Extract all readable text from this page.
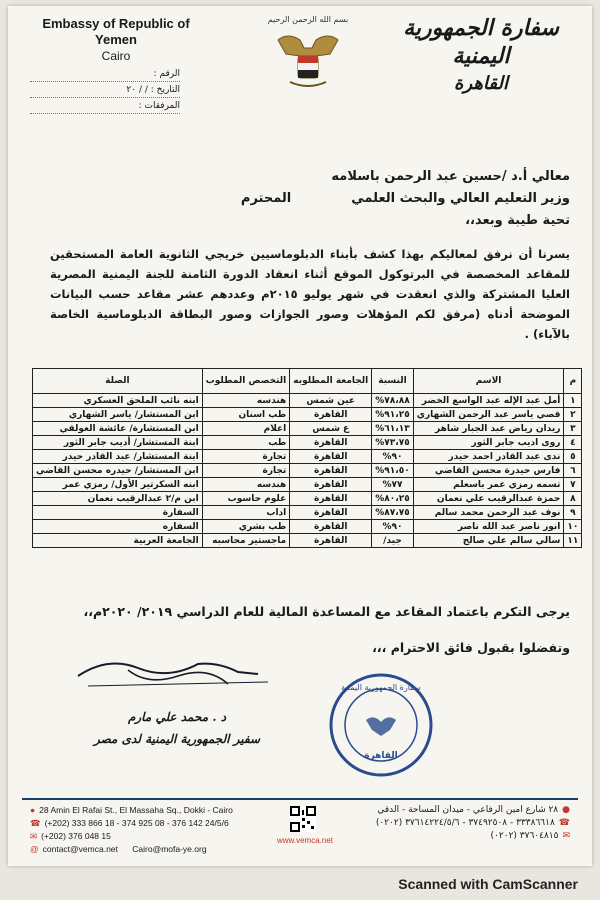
Embassy of Republic of Yemen
Cairo
بسم الله الرحمن الرحيم	سفارة الجمهورية اليمنية
القاهرة
الرقم :
التاريخ : / / ٢٠
المرفقات :
معالي أ.د /حسين عبد الرحمن باسلامه
وزير التعليم العالي والبحث العلمي
المحترم
تحية طيبة وبعد،،
يسرنا أن نرفق لمعاليكم بهذا كشف بأبناء الدبلوماسيين خريجي الثانوية العامة المستحقين للمقاعد المخصصة في البرتوكول الموقع أثناء انعقاد الدورة الثامنة للجنة اليمنية المصرية العليا المشتركة والذي انعقدت في شهر يوليو ٢٠١٥م وعددهم عشر مقاعد حسب البيانات الموضحة أدناه (مرفق لكم المؤهلات وصور الجوازات وصور البطاقة الدبلوماسية الخاصة بالآباء) .
م	الاسم	النسبة	الجامعة المطلوبه	التخصص المطلوب	الصلة
١	أمل عبد الإله عبد الواسع الخضر	٧٨،٨٨%	عين شمس	هندسه	ابنه نائب الملحق العسكري
٢	قصي ياسر عبد الرحمن الشهاري	٩١،٢٥%	القاهرة	طب اسنان	ابن المستشار/ ياسر الشهاري
٣	ريدان رياض عبد الجبار شاهر	٦١،١٣%	ع شمس	اعلام	ابن المستشارة/ عائشة العولقي
٤	روى اديب جابر الثور	٧٣،٧٥%	القاهرة	طب	ابنة المستشار/ أديب جابر الثور
٥	ندى عبد القادر احمد حيدر	٩٠%	القاهرة	تجارة	ابنة المستشار/ عبد القادر حيدر
٦	فارس حيدرة محسن القاضي	٩١،٥٠%	القاهرة	تجارة	ابن المستشار/ حيدره محسن القاضي
٧	تسمه رمزي عمر باسعلم	٧٧%	القاهرة	هندسه	ابنه السكرتير الأول/ رمزي عمر
٨	حمزة عبدالرقيب علي نعمان	٨٠،٢٥%	القاهرة	علوم حاسوب	ابن م/٢ عبدالرقيب نعمان
٩	نوف عبد الرحمن محمد سالم	٨٧،٧٥%	القاهرة	اداب	السفارة
١٠	انور ناصر عبد الله ناصر	٩٠%	القاهرة	طب بشري	السفاره
١١	سالي سالم علي صالح	جيد/	القاهرة	ماجستير محاسبه	الجامعة العربية
يرجى التكرم باعتماد المقاعد مع المساعدة المالية للعام الدراسي ٢٠١٩/ ٢٠٢٠م،،
وتفضلوا بقبول فائق الاحترام ،،،
د . محمد علي مارم
سفير الجمهورية اليمنية لدى مصر
سفارة الجمهورية اليمنية
القاهرة
● 28 Amin El Rafai St., El Massaha Sq., Dokki - Cairo
☎ (+202) 333 866 18 - 374 925 08 - 376 142 24/5/6
✉ (+202) 376 048 15
@ contact@vemca.net Cairo@mofa-ye.org
www.vemca.net
●٢٨ شارع امين الرفاعي - ميدان المساحة - الدقي
☎٣٣٣٨٦٦١٨ - ٣٧٤٩٢٥٠٨ - ٣٧٦١٤٢٢٤/٥/٦ (٠٢٠٢)
✉٣٧٦٠٤٨١٥ (٠٢٠٢)
Scanned with CamScanner
